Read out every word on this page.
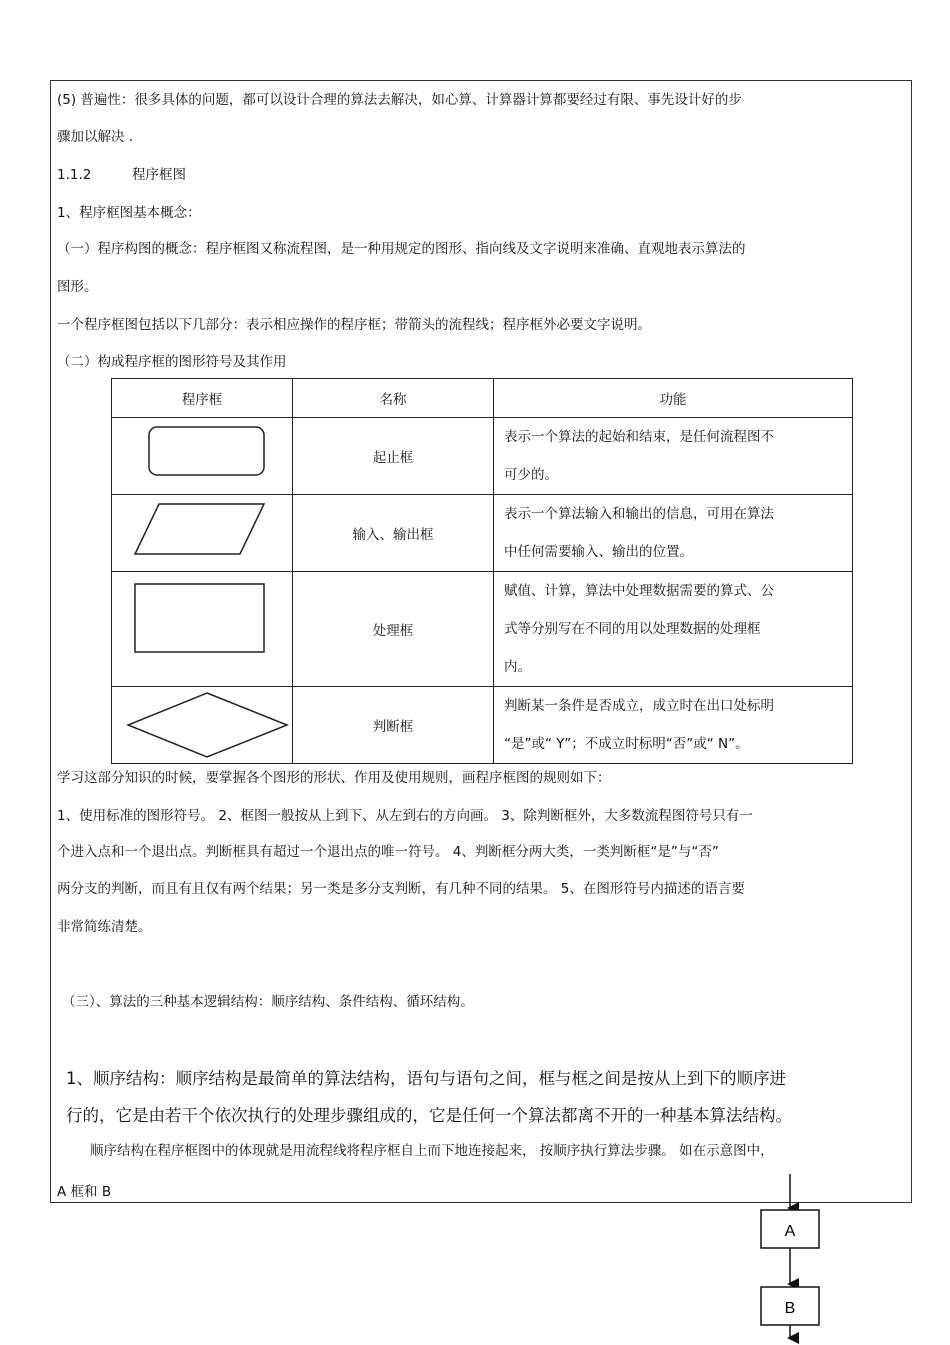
(5) 普遍性：很多具体的问题，都可以设计合理的算法去解决，如心算、计算器计算都要经过有限、事先设计好的步
骤加以解决 .
1.1.2	程序框图
1、程序框图基本概念：
（一）程序构图的概念：程序框图又称流程图，是一种用规定的图形、指向线及文字说明来准确、直观地表示算法的
图形。
一个程序框图包括以下几部分：表示相应操作的程序框；带箭头的流程线；程序框外必要文字说明。
（二）构成程序框的图形符号及其作用
程序框	名称	功能

	起止框	表示一个算法的起始和结束，是任何流程图不
可少的。

	输入、输出框	表示一个算法输入和输出的信息，可用在算法
中任何需要输入、输出的位置。

	处理框	赋值、计算，算法中处理数据需要的算式、公
式等分别写在不同的用以处理数据的处理框
内。

	判断框	判断某一条件是否成立，成立时在出口处标明
“是”或“ Y”；不成立时标明“否”或“ N”。
学习这部分知识的时候，要掌握各个图形的形状、作用及使用规则，画程序框图的规则如下：
1、使用标准的图形符号。 2、框图一般按从上到下、从左到右的方向画。 3、除判断框外，大多数流程图符号只有一
个进入点和一个退出点。判断框具有超过一个退出点的唯一符号。 4、判断框分两大类，一类判断框“是”与“否”
两分支的判断，而且有且仅有两个结果；另一类是多分支判断，有几种不同的结果。 5、在图形符号内描述的语言要
非常简练清楚。
（三）、算法的三种基本逻辑结构：顺序结构、条件结构、循环结构。
1、顺序结构：顺序结构是最简单的算法结构，语句与语句之间，框与框之间是按从上到下的顺序进
行的，它是由若干个依次执行的处理步骤组成的，它是任何一个算法都离不开的一种基本算法结构。
顺序结构在程序框图中的体现就是用流程线将程序框自上而下地连接起来， 按顺序执行算法步骤。 如在示意图中，
A 框和 B
A
B
